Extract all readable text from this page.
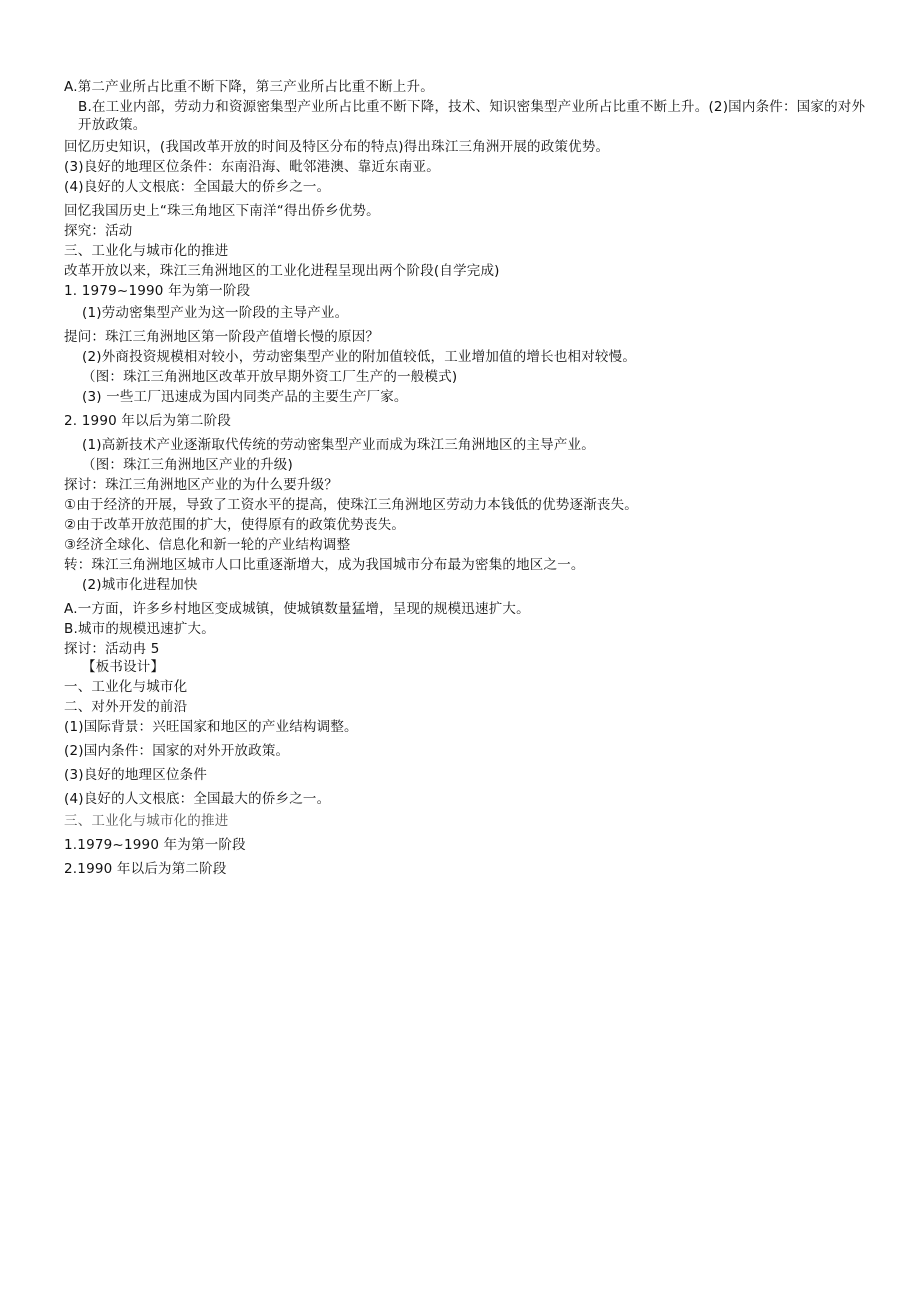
A.第二产业所占比重不断下降，第三产业所占比重不断上升。
B.在工业内部，劳动力和资源密集型产业所占比重不断下降，技术、知识密集型产业所占比重不断上升。(2)国内条件：国家的对外开放政策。
回忆历史知识，(我国改革开放的时间及特区分布的特点)得出珠江三角洲开展的政策优势。
(3)良好的地理区位条件：东南沿海、毗邻港澳、靠近东南亚。
(4)良好的人文根底：全国最大的侨乡之一。
回忆我国历史上“珠三角地区下南洋“得出侨乡优势。
探究：活动
三、工业化与城市化的推进
改革开放以来，珠江三角洲地区的工业化进程呈现出两个阶段(自学完成)
1. 1979~1990 年为第一阶段
(1)劳动密集型产业为这一阶段的主导产业。
提问：珠江三角洲地区第一阶段产值增长慢的原因？
(2)外商投资规模相对较小，劳动密集型产业的附加值较低，工业增加值的增长也相对较慢。
（图：珠江三角洲地区改革开放早期外资工厂生产的一般模式)
(3) 一些工厂迅速成为国内同类产品的主要生产厂家。
2. 1990 年以后为第二阶段
(1)高新技术产业逐渐取代传统的劳动密集型产业而成为珠江三角洲地区的主导产业。
（图：珠江三角洲地区产业的升级)
探讨：珠江三角洲地区产业的为什么要升级？
①由于经济的开展，导致了工资水平的提高，使珠江三角洲地区劳动力本钱低的优势逐渐丧失。
②由于改革开放范围的扩大，使得原有的政策优势丧失。
③经济全球化、信息化和新一轮的产业结构调整
转：珠江三角洲地区城市人口比重逐渐增大，成为我国城市分布最为密集的地区之一。
(2)城市化进程加快
A.一方面，许多乡村地区变成城镇，使城镇数量猛增，呈现的规模迅速扩大。
B.城市的规模迅速扩大。
探讨：活动冉 5
【板书设计】
一、工业化与城市化
二、对外开发的前沿
(1)国际背景：兴旺国家和地区的产业结构调整。
(2)国内条件：国家的对外开放政策。
(3)良好的地理区位条件
(4)良好的人文根底：全国最大的侨乡之一。
三、工业化与城市化的推进
1.1979~1990 年为第一阶段
2.1990 年以后为第二阶段
